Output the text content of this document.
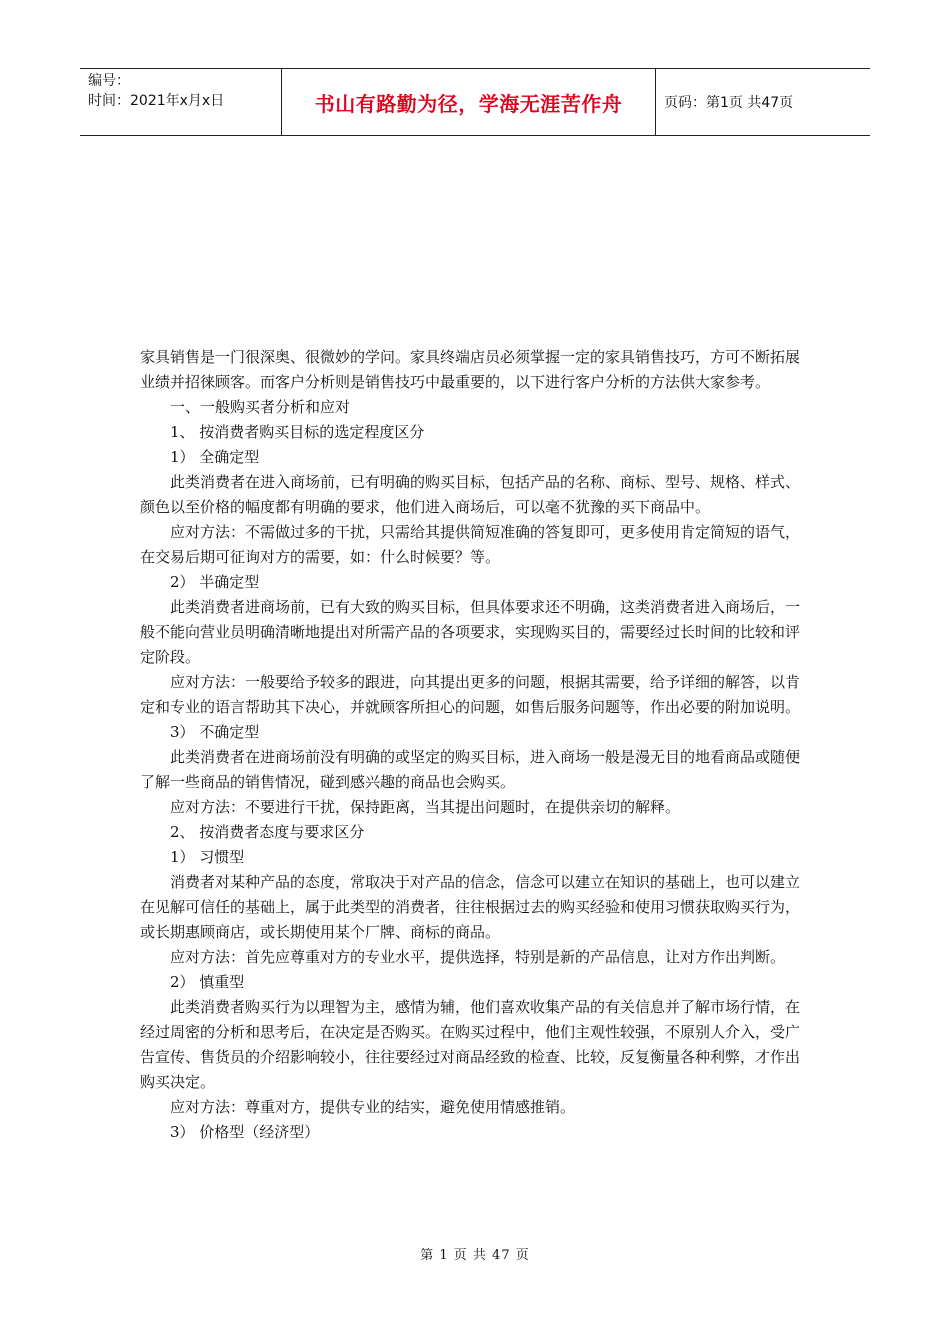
编号：
时间：2021年x月x日	书山有路勤为径，学海无涯苦作舟	页码：第1页 共47页

家具销售是一门很深奥、很微妙的学问。家具终端店员必须掌握一定的家具销售技巧，方可不断拓展业绩并招徕顾客。而客户分析则是销售技巧中最重要的，以下进行客户分析的方法供大家参考。

一、一般购买者分析和应对

1、 按消费者购买目标的选定程度区分

1） 全确定型

此类消费者在进入商场前，已有明确的购买目标，包括产品的名称、商标、型号、规格、样式、颜色以至价格的幅度都有明确的要求，他们进入商场后，可以毫不犹豫的买下商品中。

应对方法：不需做过多的干扰，只需给其提供简短准确的答复即可，更多使用肯定简短的语气，在交易后期可征询对方的需要，如：什么时候要？等。

2） 半确定型

此类消费者进商场前，已有大致的购买目标，但具体要求还不明确，这类消费者进入商场后，一般不能向营业员明确清晰地提出对所需产品的各项要求，实现购买目的，需要经过长时间的比较和评定阶段。

应对方法：一般要给予较多的跟进，向其提出更多的问题，根据其需要，给予详细的解答，以肯定和专业的语言帮助其下决心，并就顾客所担心的问题，如售后服务问题等，作出必要的附加说明。

3） 不确定型

此类消费者在进商场前没有明确的或坚定的购买目标，进入商场一般是漫无目的地看商品或随便了解一些商品的销售情况，碰到感兴趣的商品也会购买。

应对方法：不要进行干扰，保持距离，当其提出问题时，在提供亲切的解释。

2、 按消费者态度与要求区分

1） 习惯型

消费者对某种产品的态度，常取决于对产品的信念，信念可以建立在知识的基础上，也可以建立在见解可信任的基础上，属于此类型的消费者，往往根据过去的购买经验和使用习惯获取购买行为，或长期惠顾商店，或长期使用某个厂牌、商标的商品。

应对方法：首先应尊重对方的专业水平，提供选择，特别是新的产品信息，让对方作出判断。

2） 慎重型

此类消费者购买行为以理智为主，感情为辅，他们喜欢收集产品的有关信息并了解市场行情，在经过周密的分析和思考后，在决定是否购买。在购买过程中，他们主观性较强，不原别人介入，受广告宣传、售货员的介绍影响较小，往往要经过对商品经致的检查、比较，反复衡量各种利弊，才作出购买决定。

应对方法：尊重对方，提供专业的结实，避免使用情感推销。

3） 价格型（经济型）

第 1 页 共 47 页
